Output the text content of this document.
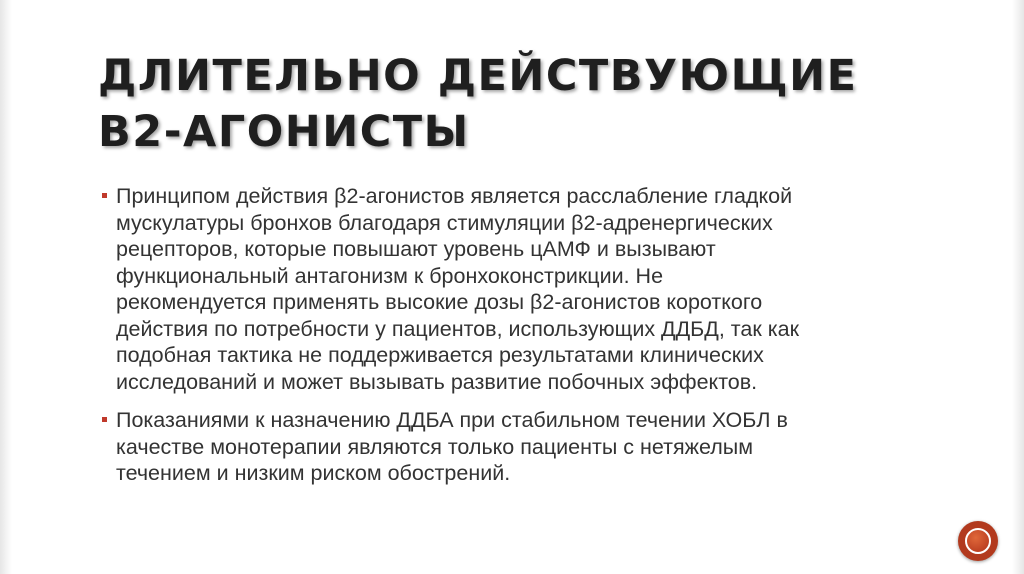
ДЛИТЕЛЬНО ДЕЙСТВУЮЩИЕ
В2-АГОНИСТЫ
Принципом действия β2-агонистов является расслабление гладкой
мускулатуры бронхов благодаря стимуляции β2-адренергических
рецепторов, которые повышают уровень цАМФ и вызывают
функциональный антагонизм к бронхоконстрикции. Не
рекомендуется применять высокие дозы β2-агонистов короткого
действия по потребности у пациентов, использующих ДДБД, так как
подобная тактика не поддерживается результатами клинических
исследований и может вызывать развитие побочных эффектов.
Показаниями к назначению ДДБА при стабильном течении ХОБЛ в
качестве монотерапии являются только пациенты с нетяжелым
течением и низким риском обострений.
